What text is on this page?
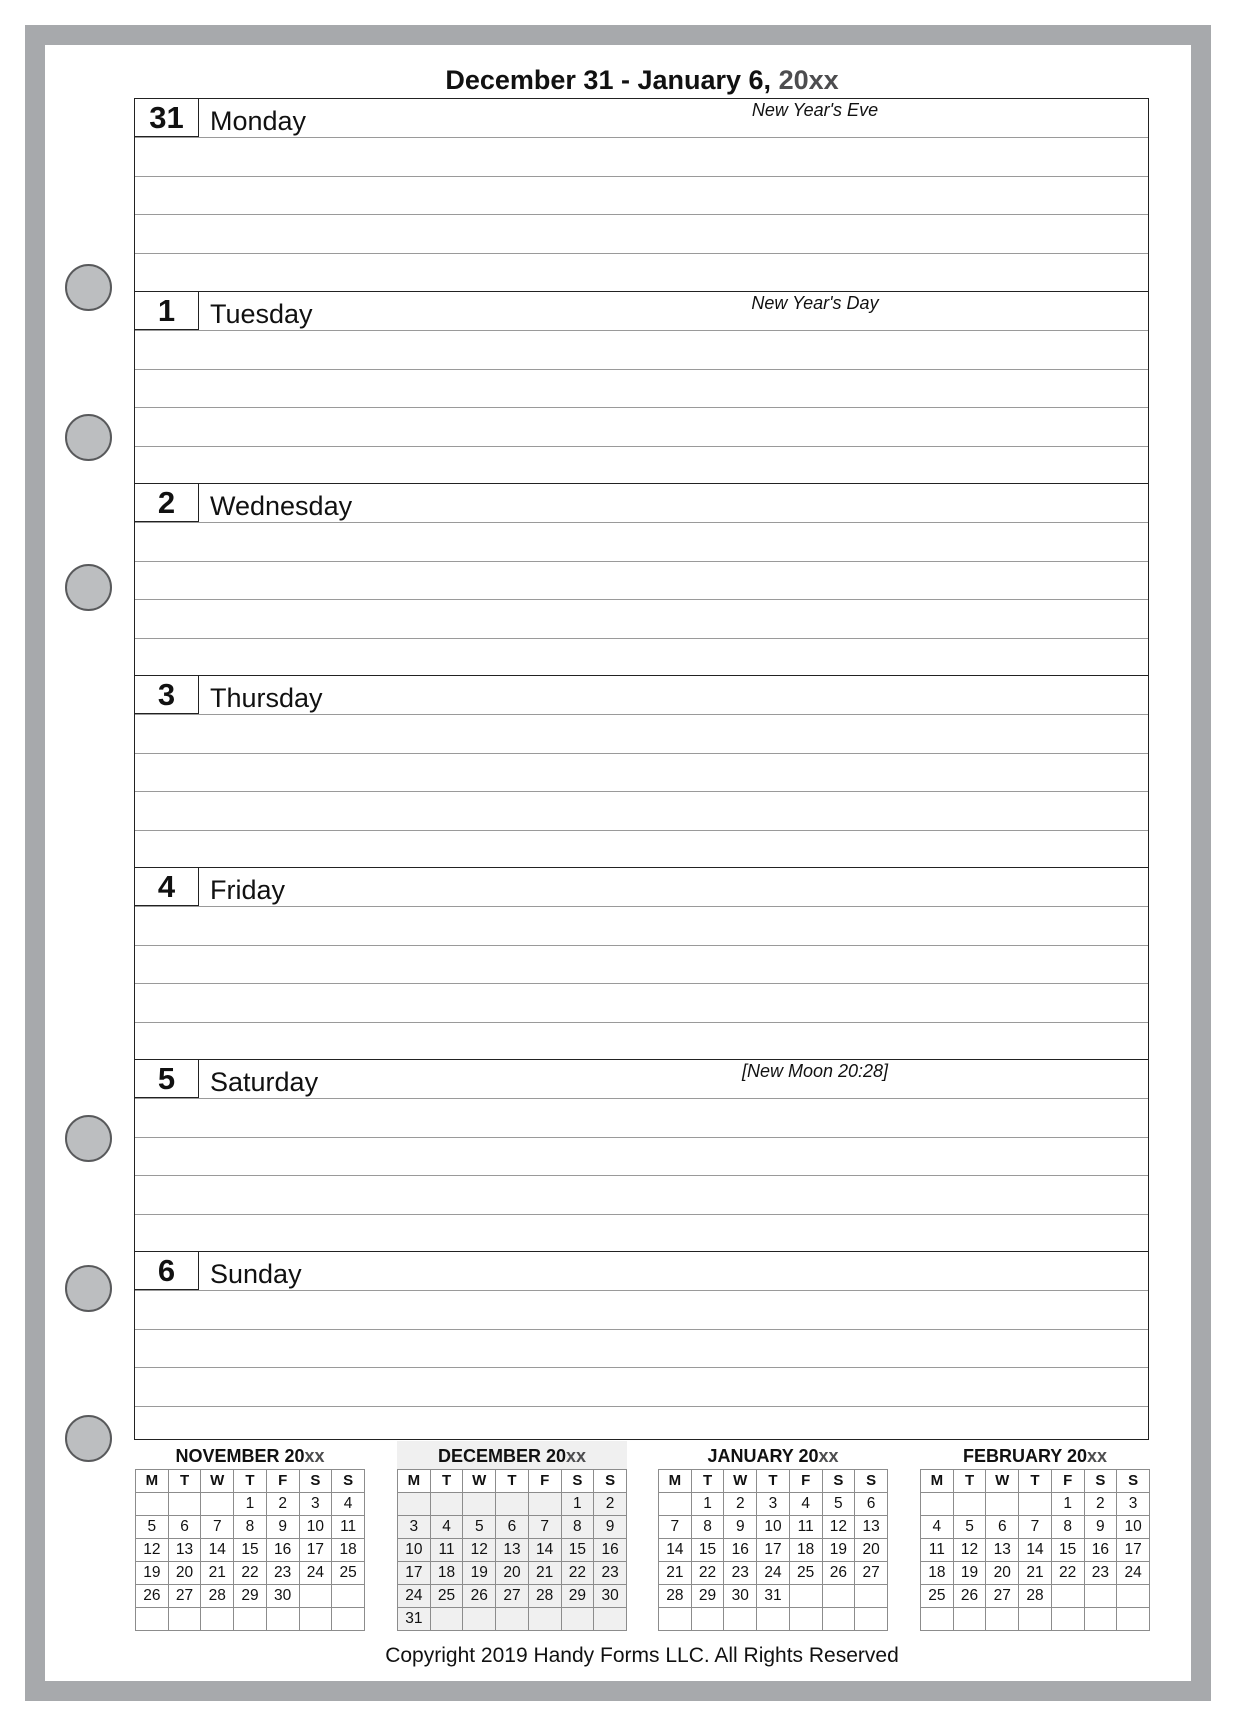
December 31 - January 6, 20xx
31 Monday	New Year's Eve
1	Tuesday	New Year's Day
2	Wednesday
3	Thursday
4	Friday
5	Saturday	[New Moon 20:28]
6	Sunday
NOVEMBER 20xx
M	T	W	T	F	S	S
			1	2	3	4
5	6	7	8	9	10	11
12	13	14	15	16	17	18
19	20	21	22	23	24	25
26	27	28	29	30		

DECEMBER 20xx
M	T	W	T	F	S	S
					1	2
3	4	5	6	7	8	9
10	11	12	13	14	15	16
17	18	19	20	21	22	23
24	25	26	27	28	29	30
31						
JANUARY 20xx
M	T	W	T	F	S	S
	1	2	3	4	5	6
7	8	9	10	11	12	13
14	15	16	17	18	19	20
21	22	23	24	25	26	27
28	29	30	31			

FEBRUARY 20xx
M	T	W	T	F	S	S
				1	2	3
4	5	6	7	8	9	10
11	12	13	14	15	16	17
18	19	20	21	22	23	24
25	26	27	28			

Copyright 2019 Handy Forms LLC. All Rights Reserved
